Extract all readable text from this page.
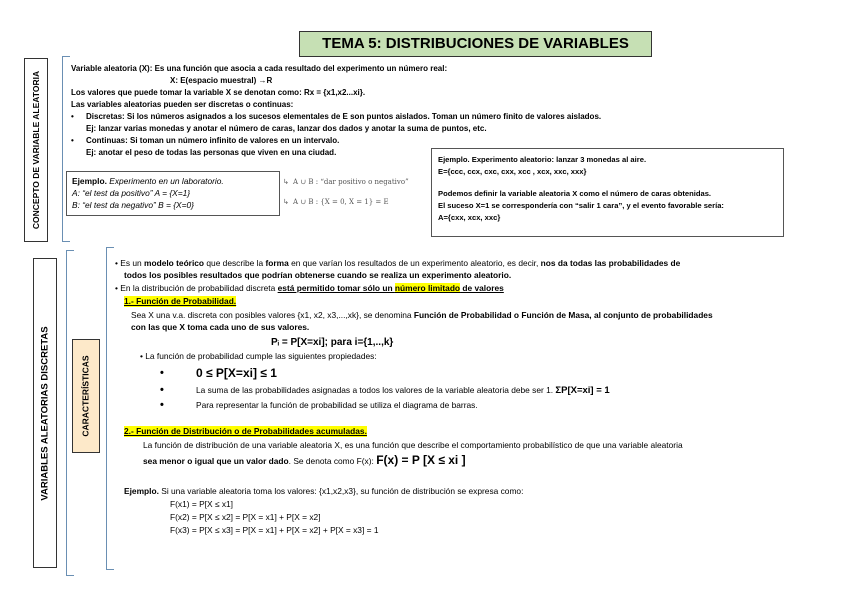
TEMA 5: DISTRIBUCIONES DE VARIABLES
CONCEPTO DE VARIABLE ALEATORIA
Variable aleatoria (X): Es una función que asocia a cada resultado del experimento un número real:
X: E(espacio muestral) →R
Los valores que puede tomar la variable X se denotan como: Rx = {x1,x2...xi}.
Las variables aleatorias pueden ser discretas o continuas:
• Discretas: Si los números asignados a los sucesos elementales de E son puntos aislados. Toman un número finito de valores aislados.
Ej: lanzar varias monedas y anotar el número de caras, lanzar dos dados y anotar la suma de puntos, etc.
• Continuas: Si toman un número infinito de valores en un intervalo.
Ej: anotar el peso de todas las personas que viven en una ciudad.
Ejemplo. Experimento en un laboratorio.
A: “el test da positivo” A = {X=1}
B: “el test da negativo” B = {X=0}
↳ A ∪ B : “dar positivo o negativo”
↳ A ∪ B : {X = 0, X = 1} = E
Ejemplo. Experimento aleatorio: lanzar 3 monedas al aire.
E={ccc, ccx, cxc, cxx, xcc , xcx, xxc, xxx}
Podemos definir la variable aleatoria X como el número de caras obtenidas.
El suceso X=1 se correspondería con “salir 1 cara”, y el evento favorable sería:
A={cxx, xcx, xxc}
VARIABLES ALEATORIAS DISCRETAS	CARACTERÍSTICAS
• Es un modelo teórico que describe la forma en que varían los resultados de un experimento aleatorio, es decir, nos da todas las probabilidades de
todos los posibles resultados que podrían obtenerse cuando se realiza un experimento aleatorio.
• En la distribución de probabilidad discreta está permitido tomar sólo un número limitado de valores
1.- Función de Probabilidad.
Sea X una v.a. discreta con posibles valores {x1, x2, x3,...,xk}, se denomina Función de Probabilidad o Función de Masa, al conjunto de probabilidades
con las que X toma cada uno de sus valores.
Pᵢ = P[X=xi]; para i={1,..,k}
• La función de probabilidad cumple las siguientes propiedades:
•	0 ≤ P[X=xi] ≤ 1
•	La suma de las probabilidades asignadas a todos los valores de la variable aleatoria debe ser 1. ΣP[X=xi] = 1
•	Para representar la función de probabilidad se utiliza el diagrama de barras.
2.- Función de Distribución o de Probabilidades acumuladas.
La función de distribución de una variable aleatoria X, es una función que describe el comportamiento probabilístico de que una variable aleatoria
sea menor o igual que un valor dado. Se denota como F(x): F(x) = P [X ≤ xi ]
Ejemplo. Si una variable aleatoria toma los valores: {x1,x2,x3}, su función de distribución se expresa como:
F(x1) = P[X ≤ x1]
F(x2) = P[X ≤ x2] = P[X = x1] + P[X = x2]
F(x3) = P[X ≤ x3] = P[X = x1] + P[X = x2] + P[X = x3] = 1
